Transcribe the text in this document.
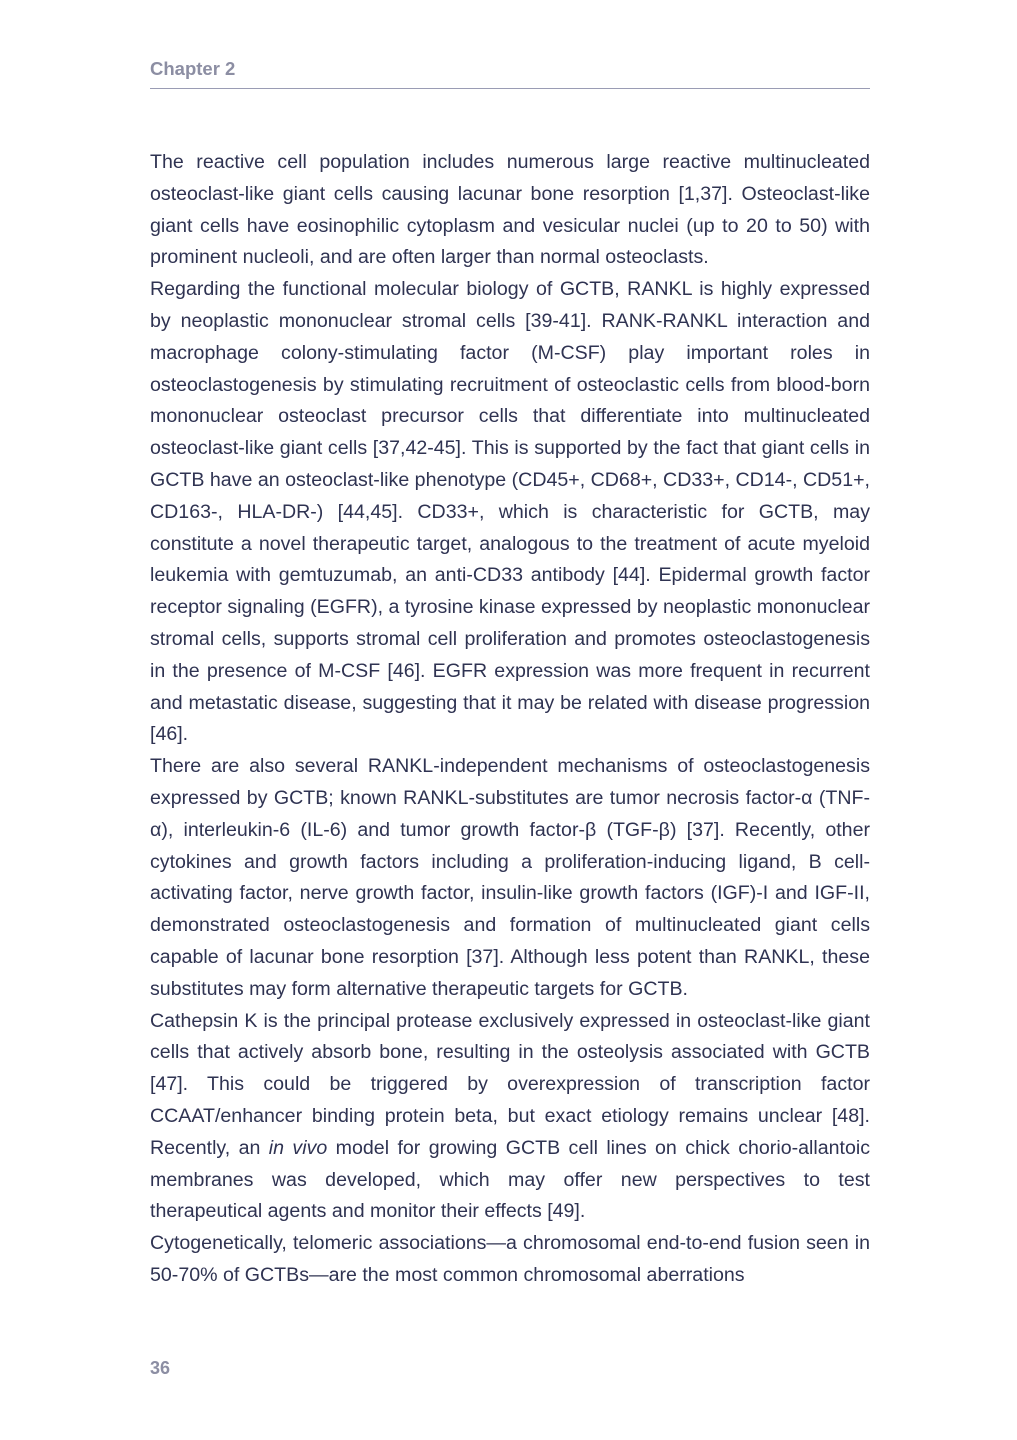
Chapter 2

The reactive cell population includes numerous large reactive multinucleated osteoclast-like giant cells causing lacunar bone resorption [1,37]. Osteoclast-like giant cells have eosinophilic cytoplasm and vesicular nuclei (up to 20 to 50) with prominent nucleoli, and are often larger than normal osteoclasts.

Regarding the functional molecular biology of GCTB, RANKL is highly expressed by neoplastic mononuclear stromal cells [39-41]. RANK-RANKL interaction and macrophage colony-stimulating factor (M-CSF) play important roles in osteoclastogenesis by stimulating recruitment of osteoclastic cells from blood-born mononuclear osteoclast precursor cells that differentiate into multinucleated osteoclast-like giant cells [37,42-45]. This is supported by the fact that giant cells in GCTB have an osteoclast-like phenotype (CD45+, CD68+, CD33+, CD14-, CD51+, CD163-, HLA-DR-) [44,45]. CD33+, which is characteristic for GCTB, may constitute a novel therapeutic target, analogous to the treatment of acute myeloid leukemia with gemtuzumab, an anti-CD33 antibody [44]. Epidermal growth factor receptor signaling (EGFR), a tyrosine kinase expressed by neoplastic mononuclear stromal cells, supports stromal cell proliferation and promotes osteoclastogenesis in the presence of M-CSF [46]. EGFR expression was more frequent in recurrent and metastatic disease, suggesting that it may be related with disease progression [46].

There are also several RANKL-independent mechanisms of osteoclastogenesis expressed by GCTB; known RANKL-substitutes are tumor necrosis factor-α (TNF-α), interleukin-6 (IL-6) and tumor growth factor-β (TGF-β) [37]. Recently, other cytokines and growth factors including a proliferation-inducing ligand, B cell-activating factor, nerve growth factor, insulin-like growth factors (IGF)-I and IGF-II, demonstrated osteoclastogenesis and formation of multinucleated giant cells capable of lacunar bone resorption [37]. Although less potent than RANKL, these substitutes may form alternative therapeutic targets for GCTB.

Cathepsin K is the principal protease exclusively expressed in osteoclast-like giant cells that actively absorb bone, resulting in the osteolysis associated with GCTB [47]. This could be triggered by overexpression of transcription factor CCAAT/enhancer binding protein beta, but exact etiology remains unclear [48]. Recently, an in vivo model for growing GCTB cell lines on chick chorio-allantoic membranes was developed, which may offer new perspectives to test therapeutical agents and monitor their effects [49].

Cytogenetically, telomeric associations—a chromosomal end-to-end fusion seen in 50-70% of GCTBs—are the most common chromosomal aberrations

36
